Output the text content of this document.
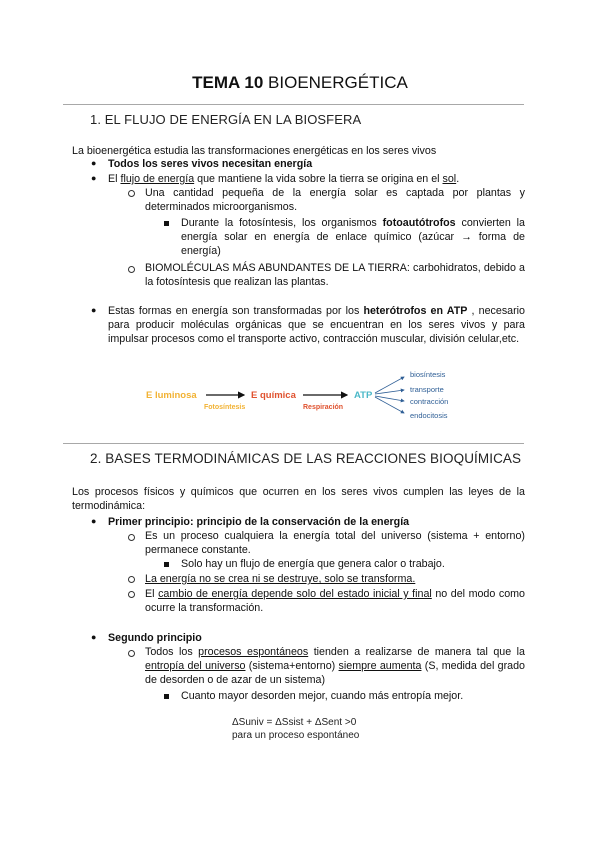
TEMA 10 BIOENERGÉTICA
1. EL FLUJO DE ENERGÍA EN LA BIOSFERA
La bioenergética estudia las transformaciones energéticas en los seres vivos
● Todos los seres vivos necesitan energía
● El flujo de energía que mantiene la vida sobre la tierra se origina en el sol.
Una cantidad pequeña de la energía solar es captada por plantas y determinados microorganismos.
Durante la fotosíntesis, los organismos fotoautótrofos convierten la energía solar en energía de enlace químico (azúcar → forma de energía)
BIOMOLÉCULAS MÁS ABUNDANTES DE LA TIERRA: carbohidratos, debido a la fotosíntesis que realizan las plantas.
● Estas formas en energía son transformadas por los heterótrofos en ATP , necesario para producir moléculas orgánicas que se encuentran en los seres vivos y para impulsar procesos como el transporte activo, contracción muscular, división celular,etc.
E luminosa
Fotosíntesis
E química
Respiración
ATP
biosíntesis
transporte
contracción
endocitosis
2. BASES TERMODINÁMICAS DE LAS REACCIONES BIOQUÍMICAS
Los procesos físicos y químicos que ocurren en los seres vivos cumplen las leyes de la termodinámica:
● Primer principio: principio de la conservación de la energía
Es un proceso cualquiera la energía total del universo (sistema + entorno) permanece constante.
Solo hay un flujo de energía que genera calor o trabajo.
La energía no se crea ni se destruye, solo se transforma.
El cambio de energía depende solo del estado inicial y final no del modo como ocurre la transformación.
● Segundo principio
Todos los procesos espontáneos tienden a realizarse de manera tal que la entropía del universo (sistema+entorno) siempre aumenta (S, medida del grado de desorden o de azar de un sistema)
Cuanto mayor desorden mejor, cuando más entropía mejor.
ΔSuniv = ΔSsist + ΔSent >0
para un proceso espontáneo
